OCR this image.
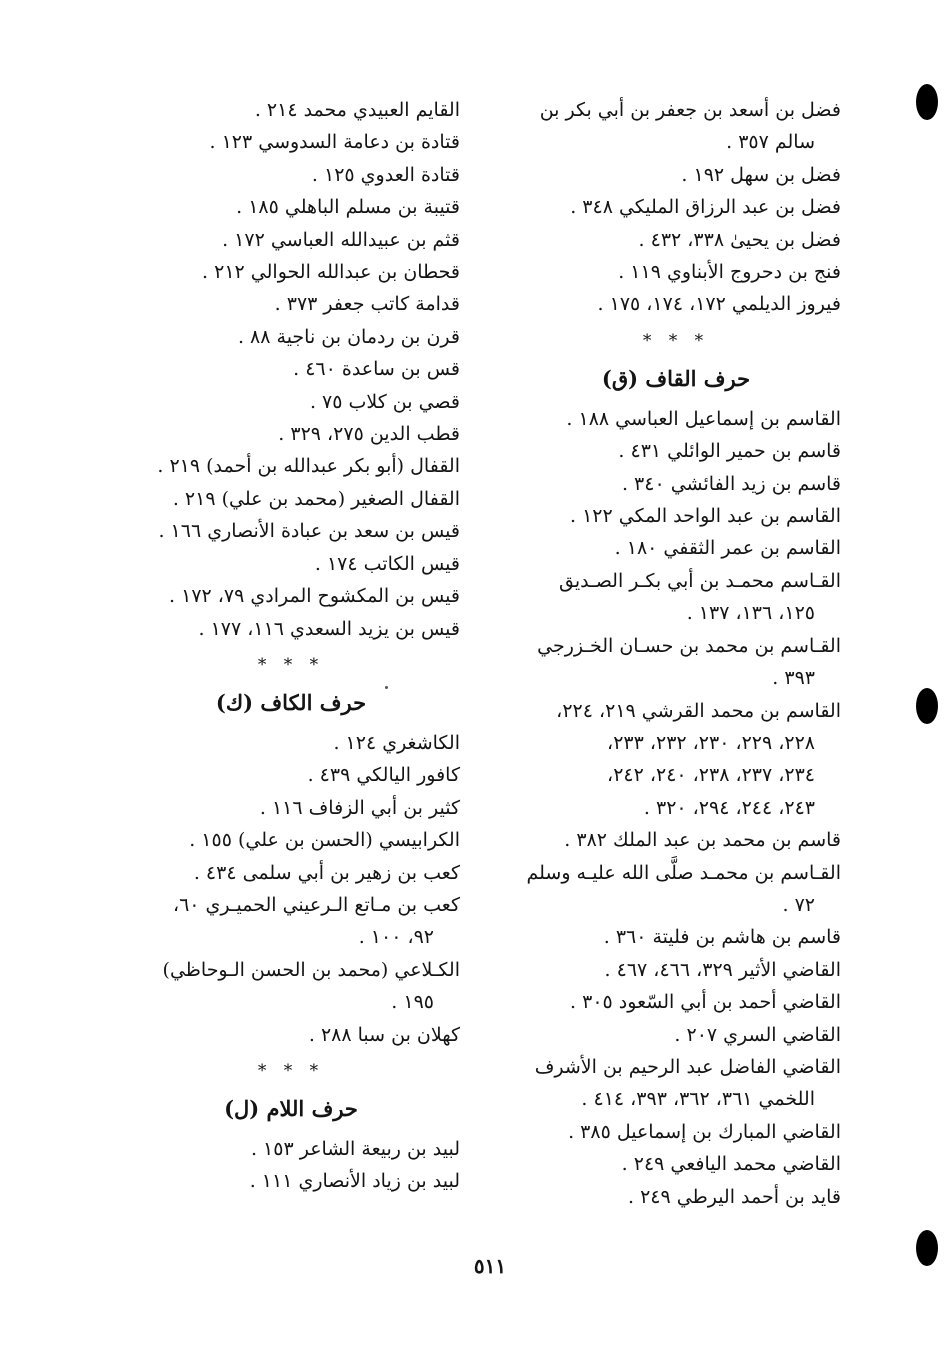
فضل بن أسعد بن جعفر بن أبي بكر بن
سالم ٣٥٧ .

فضل بن سهل ١٩٢ .

فضل بن عبد الرزاق المليكي ٣٤٨ .

فضل بن يحيىٰ ٣٣٨، ٤٣٢ .

فنج بن دحروج الأبناوي ١١٩ .

فيروز الديلمي ١٧٢، ١٧٤، ١٧٥ .

* * *
حرف القاف (ق)

القاسم بن إسماعيل العباسي ١٨٨ .

قاسم بن حمير الوائلي ٤٣١ .

قاسم بن زيد الفائشي ٣٤٠ .

القاسم بن عبد الواحد المكي ١٢٢ .

القاسم بن عمر الثقفي ١٨٠ .

القـاسم محمـد بن أبي بكـر الصـديق
١٢٥، ١٣٦، ١٣٧ .

القـاسم بن محمد بن حسـان الخـزرجي
٣٩٣ .

القاسم بن محمد القرشي ٢١٩، ٢٢٤،
٢٢٨، ٢٢٩، ٢٣٠، ٢٣٢، ٢٣٣،

٢٣٤، ٢٣٧، ٢٣٨، ٢٤٠، ٢٤٢،

٢٤٣، ٢٤٤، ٢٩٤، ٣٢٠ .

قاسم بن محمد بن عبد الملك ٣٨٢ .

القـاسم بن محمـد صلَّى الله عليـه وسلم
٧٢ .

قاسم بن هاشم بن فليتة ٣٦٠ .

القاضي الأثير ٣٢٩، ٤٦٦، ٤٦٧ .

القاضي أحمد بن أبي السّعود ٣٠٥ .

القاضي السري ٢٠٧ .

القاضي الفاضل عبد الرحيم بن الأشرف
اللخمي ٣٦١، ٣٦٢، ٣٩٣، ٤١٤ .

القاضي المبارك بن إسماعيل ٣٨٥ .

القاضي محمد اليافعي ٢٤٩ .

قايد بن أحمد اليرطي ٢٤٩ .

القايم العبيدي محمد ٢١٤ .

قتادة بن دعامة السدوسي ١٢٣ .

قتادة العدوي ١٢٥ .

قتيبة بن مسلم الباهلي ١٨٥ .

قثم بن عبيدالله العباسي ١٧٢ .

قحطان بن عبدالله الحوالي ٢١٢ .

قدامة كاتب جعفر ٣٧٣ .

قرن بن ردمان بن ناجية ٨٨ .

قس بن ساعدة ٤٦٠ .

قصي بن كلاب ٧٥ .

قطب الدين ٢٧٥، ٣٢٩ .

القفال (أبو بكر عبدالله بن أحمد) ٢١٩ .

القفال الصغير (محمد بن علي) ٢١٩ .

قيس بن سعد بن عبادة الأنصاري ١٦٦ .

قيس الكاتب ١٧٤ .

قيس بن المكشوح المرادي ٧٩، ١٧٢ .

قيس بن يزيد السعدي ١١٦، ١٧٧ .

* * *
حرف الكاف (ك)

الكاشغري ١٢٤ .

كافور اليالكي ٤٣٩ .

كثير بن أبي الزفاف ١١٦ .

الكرابيسي (الحسن بن علي) ١٥٥ .

كعب بن زهير بن أبي سلمى ٤٣٤ .

كعب بن مـاتع الـرعيني الحميـري ٦٠،
٩٢، ١٠٠ .

الكـلاعي (محمد بن الحسن الـوحاظي)
١٩٥ .

كهلان بن سبا ٢٨٨ .

* * *
حرف اللام (ل)

لبيد بن ربيعة الشاعر ١٥٣ .

لبيد بن زياد الأنصاري ١١١ .

٥١١
